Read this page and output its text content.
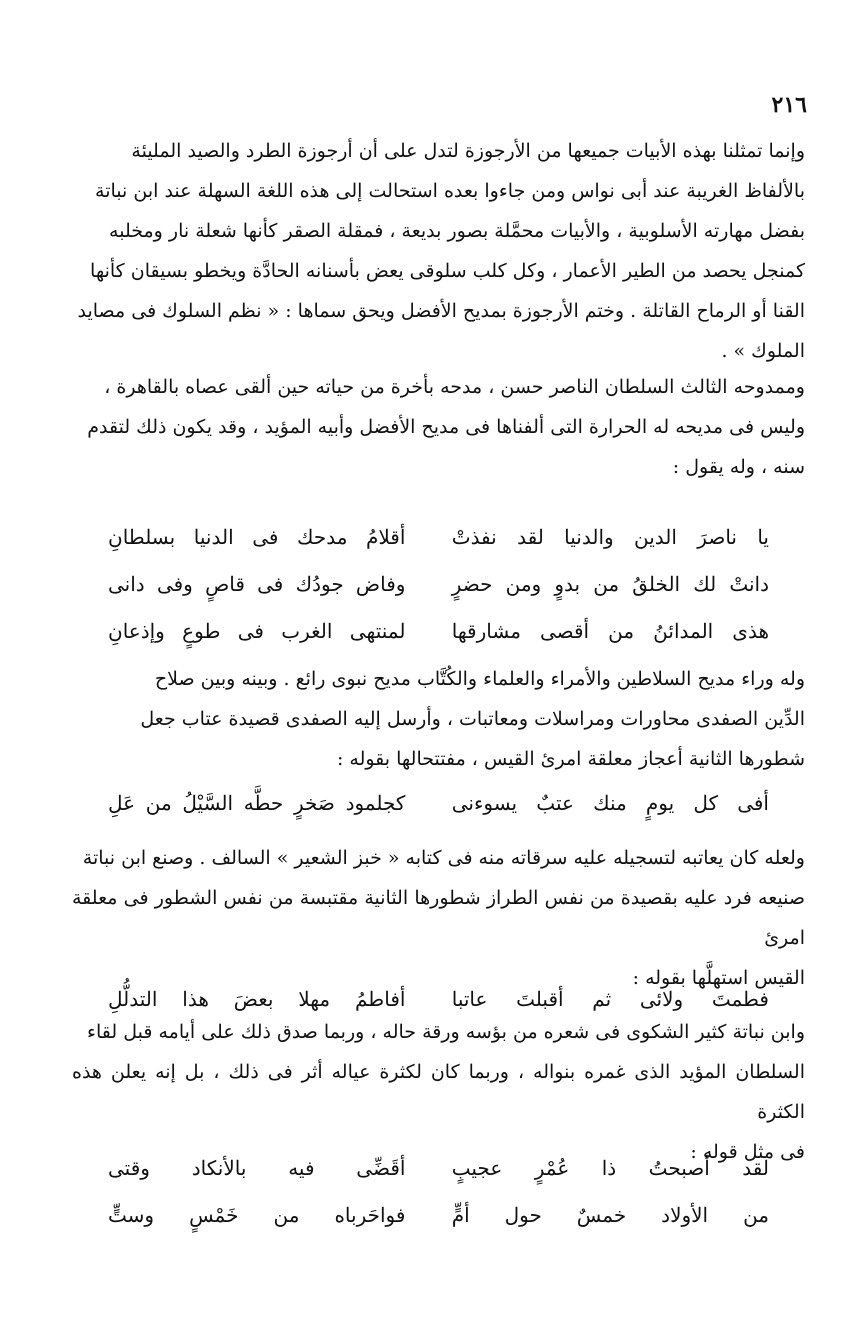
٢١٦
وإنما تمثلنا بهذه الأبيات جميعها من الأرجوزة لتدل على أن أرجوزة الطرد والصيد المليئة
بالألفاظ الغريبة عند أبى نواس ومن جاءوا بعده استحالت إلى هذه اللغة السهلة عند ابن نباتة
بفضل مهارته الأسلوبية ، والأبيات محمَّلة بصور بديعة ، فمقلة الصقر كأنها شعلة نار ومخلبه
كمنجل يحصد من الطير الأعمار ، وكل كلب سلوقى يعض بأسنانه الحادَّة ويخطو بسيقان كأنها
القنا أو الرماح القاتلة . وختم الأرجوزة بمديح الأفضل ويحق سماها : « نظم السلوك فى مصايد
الملوك » .
وممدوحه الثالث السلطان الناصر حسن ، مدحه بأخرة من حياته حين ألقى عصاه بالقاهرة ،
وليس فى مديحه له الحرارة التى ألفناها فى مديح الأفضل وأبيه المؤيد ، وقد يكون ذلك لتقدم
سنه ، وله يقول :
يا ناصرَ الدين والدنيا لقد نفذتْ
أقلامُ مدحك فى الدنيا بسلطانِ
دانتْ لك الخلقُ من بدوٍ ومن حضرٍ
وفاض جودُك فى قاصٍ وفى دانى
هذى المدائنُ من أقصى مشارقها
لمنتهى الغرب فى طوعٍ وإذعانِ
وله وراء مديح السلاطين والأمراء والعلماء والكُتَّاب مديح نبوى رائع . وبينه وبين صلاح
الدِّين الصفدى محاورات ومراسلات ومعاتبات ، وأرسل إليه الصفدى قصيدة عتاب جعل
شطورها الثانية أعجاز معلقة امرئ القيس ، مفتتحالها بقوله :
أفى كل يومٍ منك عتبٌ يسوءنى
كجلمود صَخرٍ حطَّه السَّيْلُ من عَلِ
ولعله كان يعاتبه لتسجيله عليه سرقاته منه فى كتابه « خبز الشعير » السالف . وصنع ابن نباتة
صنيعه فرد عليه بقصيدة من نفس الطراز شطورها الثانية مقتبسة من نفس الشطور فى معلقة امرئ
القيس استهلَّها بقوله :
فطمتَ ولائى ثم أقبلتَ عاتبا
أفاطمُ مهلا بعضَ هذا التدلُّلِ
وابن نباتة كثير الشكوى فى شعره من بؤسه ورقة حاله ، وربما صدق ذلك على أيامه قبل لقاء
السلطان المؤيد الذى غمره بنواله ، وربما كان لكثرة عياله أثر فى ذلك ، بل إنه يعلن هذه الكثرة
فى مثل قوله :
لقد أصبحتُ ذا عُمْرٍ عجيبٍ
أقَضِّى فيه بالأنكاد وقتى
من الأولاد خمسٌ حول أمٍّ
فواحَرباه من خَمْسٍ وستٍّ
